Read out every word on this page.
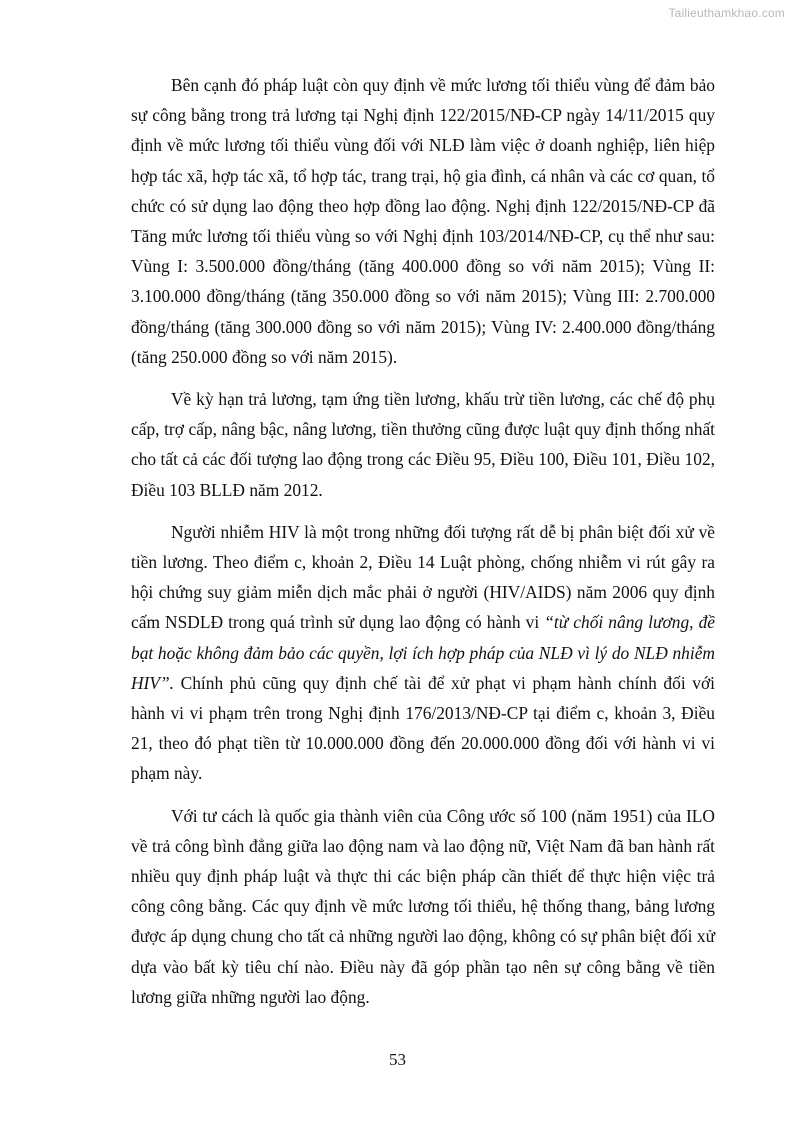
Tailieuthamkhao.com

Bên cạnh đó pháp luật còn quy định về mức lương tối thiểu vùng để đảm bảo sự công bằng trong trả lương tại Nghị định 122/2015/NĐ-CP ngày 14/11/2015 quy định về mức lương tối thiểu vùng đối với NLĐ làm việc ở doanh nghiệp, liên hiệp hợp tác xã, hợp tác xã, tổ hợp tác, trang trại, hộ gia đình, cá nhân và các cơ quan, tổ chức có sử dụng lao động theo hợp đồng lao động. Nghị định 122/2015/NĐ-CP đã Tăng mức lương tối thiểu vùng so với Nghị định 103/2014/NĐ-CP, cụ thể như sau: Vùng I: 3.500.000 đồng/tháng (tăng 400.000 đồng so với năm 2015); Vùng II: 3.100.000 đồng/tháng (tăng 350.000 đồng so với năm 2015); Vùng III: 2.700.000 đồng/tháng (tăng 300.000 đồng so với năm 2015); Vùng IV: 2.400.000 đồng/tháng (tăng 250.000 đồng so với năm 2015).

Về kỳ hạn trả lương, tạm ứng tiền lương, khấu trừ tiền lương, các chế độ phụ cấp, trợ cấp, nâng bậc, nâng lương, tiền thưởng cũng được luật quy định thống nhất cho tất cả các đối tượng lao động trong các Điều 95, Điều 100, Điều 101, Điều 102, Điều 103 BLLĐ năm 2012.

Người nhiễm HIV là một trong những đối tượng rất dễ bị phân biệt đối xử về tiền lương. Theo điểm c, khoản 2, Điều 14 Luật phòng, chống nhiễm vi rút gây ra hội chứng suy giảm miễn dịch mắc phải ở người (HIV/AIDS) năm 2006 quy định cấm NSDLĐ trong quá trình sử dụng lao động có hành vi “từ chối nâng lương, đề bạt hoặc không đảm bảo các quyền, lợi ích hợp pháp của NLĐ vì lý do NLĐ nhiễm HIV”. Chính phủ cũng quy định chế tài để xử phạt vi phạm hành chính đối với hành vi vi phạm trên trong Nghị định 176/2013/NĐ-CP tại điểm c, khoản 3, Điều 21, theo đó phạt tiền từ 10.000.000 đồng đến 20.000.000 đồng đối với hành vi vi phạm này.

Với tư cách là quốc gia thành viên của Công ước số 100 (năm 1951) của ILO về trả công bình đẳng giữa lao động nam và lao động nữ, Việt Nam đã ban hành rất nhiều quy định pháp luật và thực thi các biện pháp cần thiết để thực hiện việc trả công công bằng. Các quy định về mức lương tối thiểu, hệ thống thang, bảng lương được áp dụng chung cho tất cả những người lao động, không có sự phân biệt đối xử dựa vào bất kỳ tiêu chí nào. Điều này đã góp phần tạo nên sự công bằng về tiền lương giữa những người lao động.

53
